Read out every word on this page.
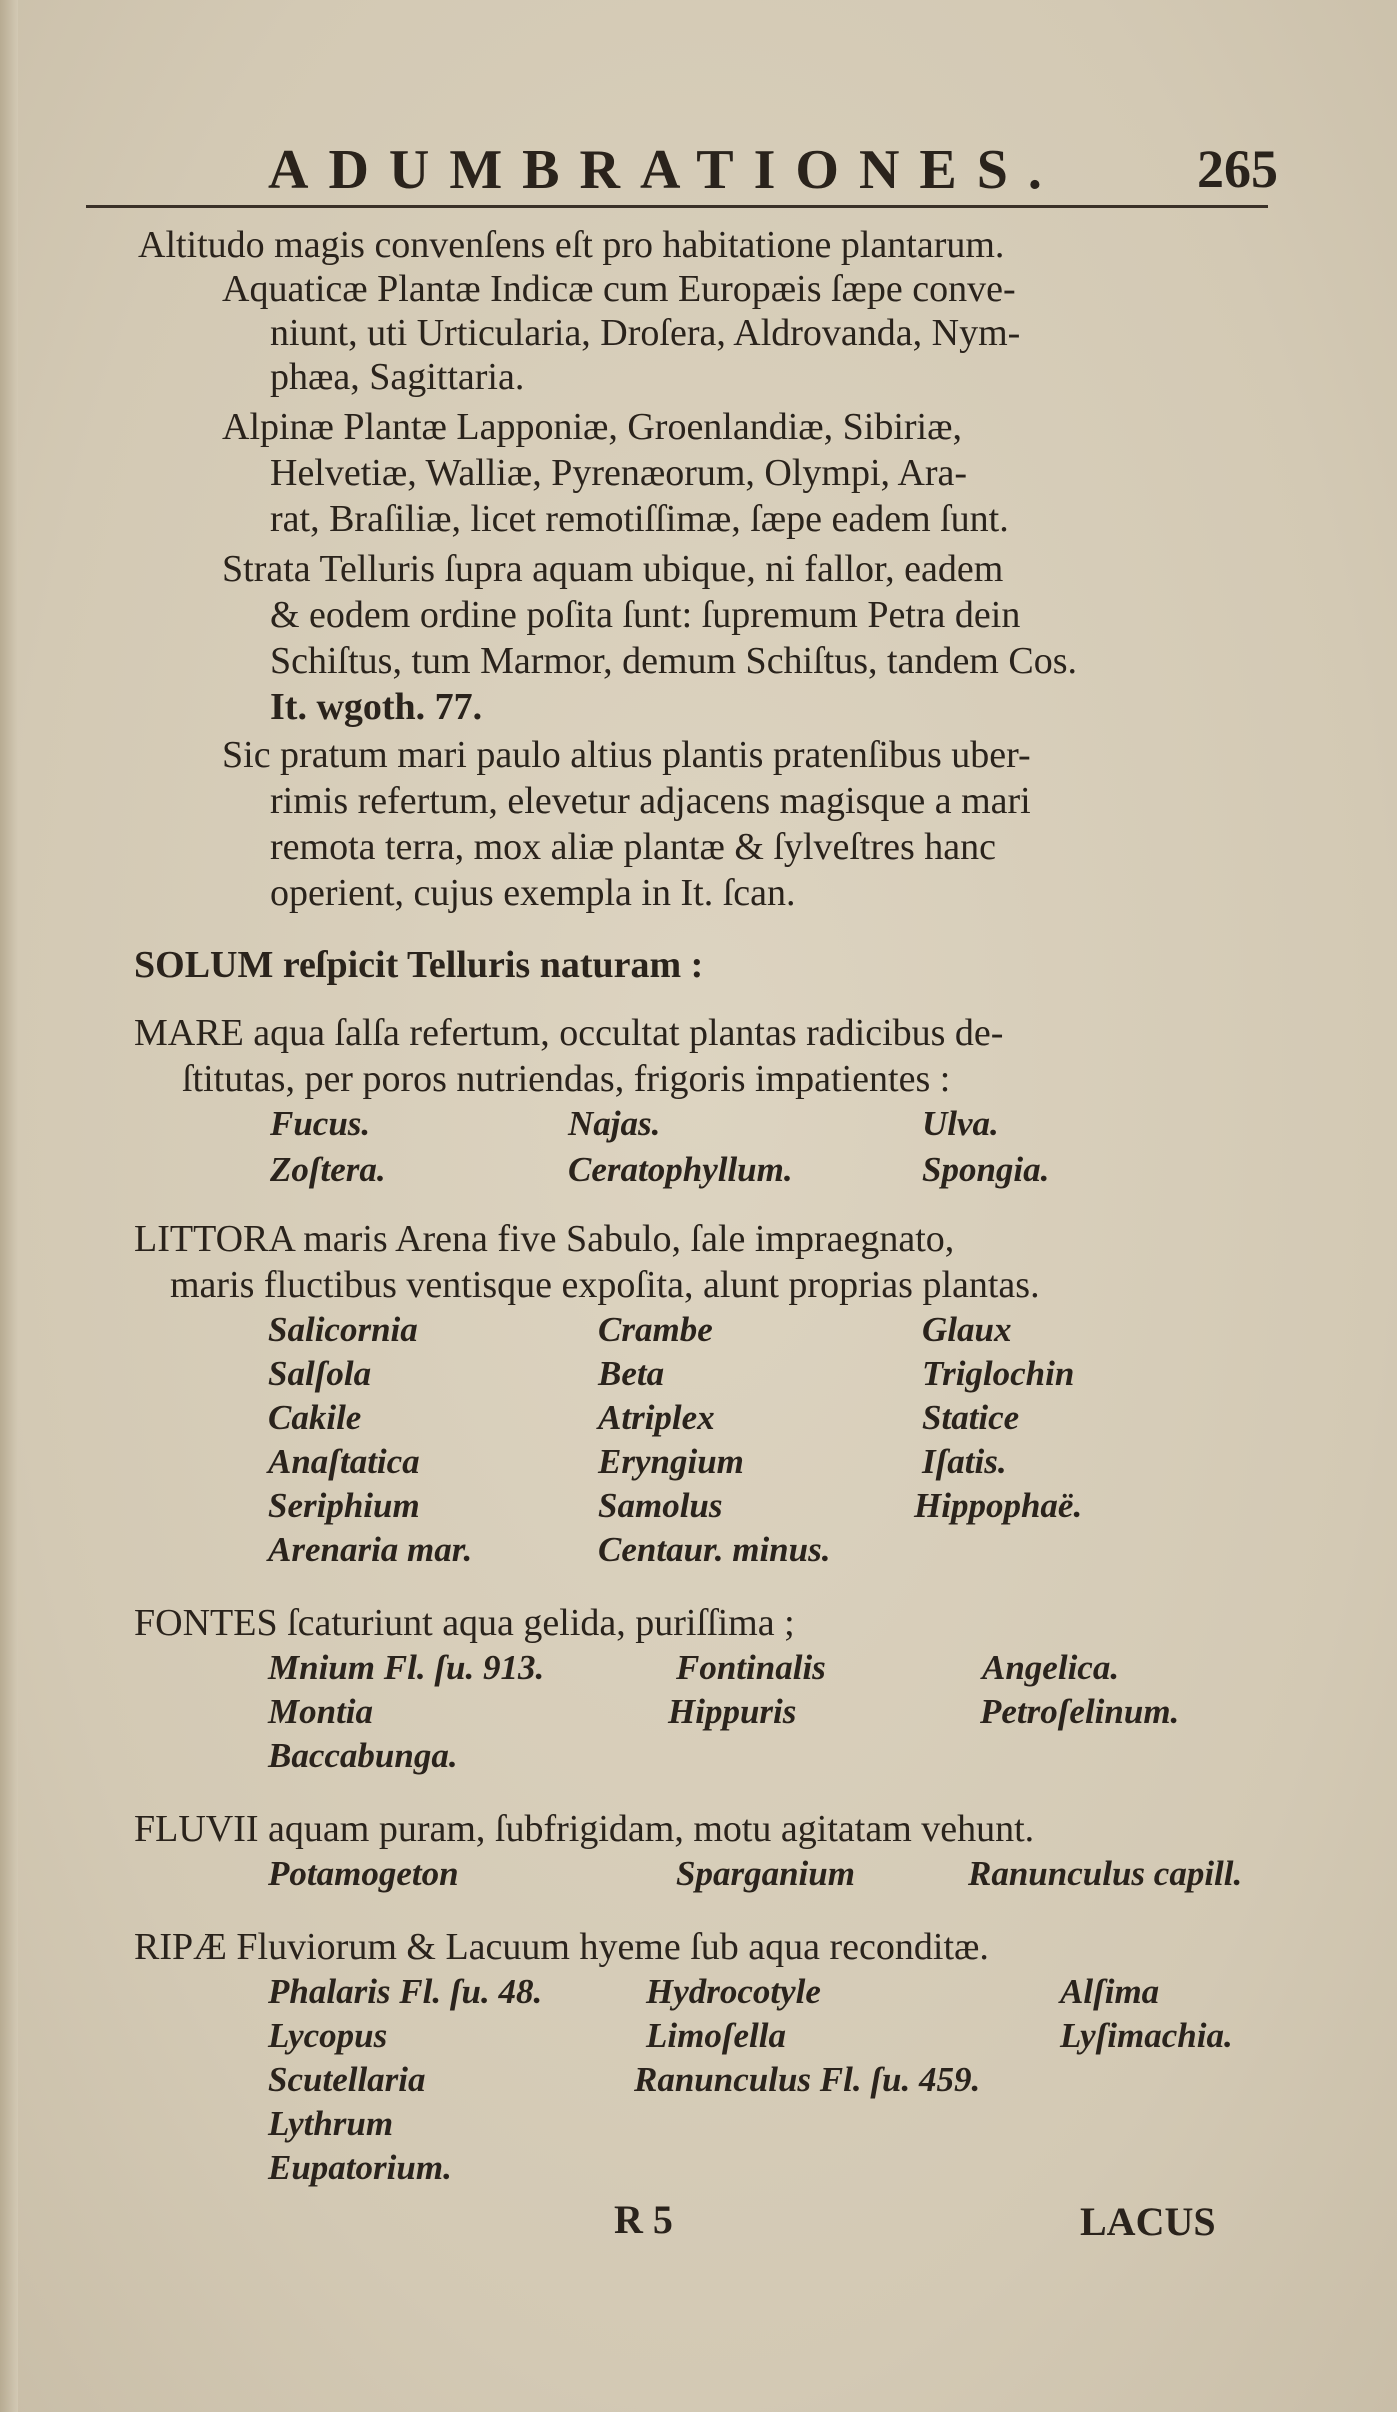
ADUMBRATIONES.	265
Altitudo magis convenſens eſt pro habitatione plantarum.
Aquaticæ Plantæ Indicæ cum Europæis ſæpe conve-
niunt, uti Urticularia, Droſera, Aldrovanda, Nym-
phæa, Sagittaria.
Alpinæ Plantæ Lapponiæ, Groenlandiæ, Sibiriæ,
Helvetiæ, Walliæ, Pyrenæorum, Olympi, Ara-
rat, Braſiliæ, licet remotiſſimæ, ſæpe eadem ſunt.
Strata Telluris ſupra aquam ubique, ni fallor, eadem
& eodem ordine poſita ſunt: ſupremum Petra dein
Schiſtus, tum Marmor, demum Schiſtus, tandem Cos.
It. wgoth. 77.
Sic pratum mari paulo altius plantis pratenſibus uber-
rimis refertum, elevetur adjacens magisque a mari
remota terra, mox aliæ plantæ & ſylveſtres hanc
operient, cujus exempla in It. ſcan.
SOLUM reſpicit Telluris naturam :
MARE aqua ſalſa refertum, occultat plantas radicibus de-
ſtitutas, per poros nutriendas, frigoris impatientes :
Fucus.	Najas.	Ulva.
Zoſtera.	Ceratophyllum.	Spongia.
LITTORA maris Arena five Sabulo, ſale impraegnato,
maris fluctibus ventisque expoſita, alunt proprias plantas.
Salicornia	Crambe	Glaux
Salſola	Beta	Triglochin
Cakile	Atriplex	Statice
Anaſtatica	Eryngium	Iſatis.
Seriphium	Samolus	Hippophaë.
Arenaria mar.	Centaur. minus.
FONTES ſcaturiunt aqua gelida, puriſſima ;
Mnium Fl. ſu. 913.	Fontinalis	Angelica.
Montia	Hippuris	Petroſelinum.
Baccabunga.
FLUVII aquam puram, ſubfrigidam, motu agitatam vehunt.
Potamogeton	Sparganium	Ranunculus capill.
RIPÆ Fluviorum & Lacuum hyeme ſub aqua reconditæ.
Phalaris Fl. ſu. 48.	Hydrocotyle	Alſima
Lycopus	Limoſella	Lyſimachia.
Scutellaria	Ranunculus Fl. ſu. 459.
Lythrum
Eupatorium.
R 5	LACUS
